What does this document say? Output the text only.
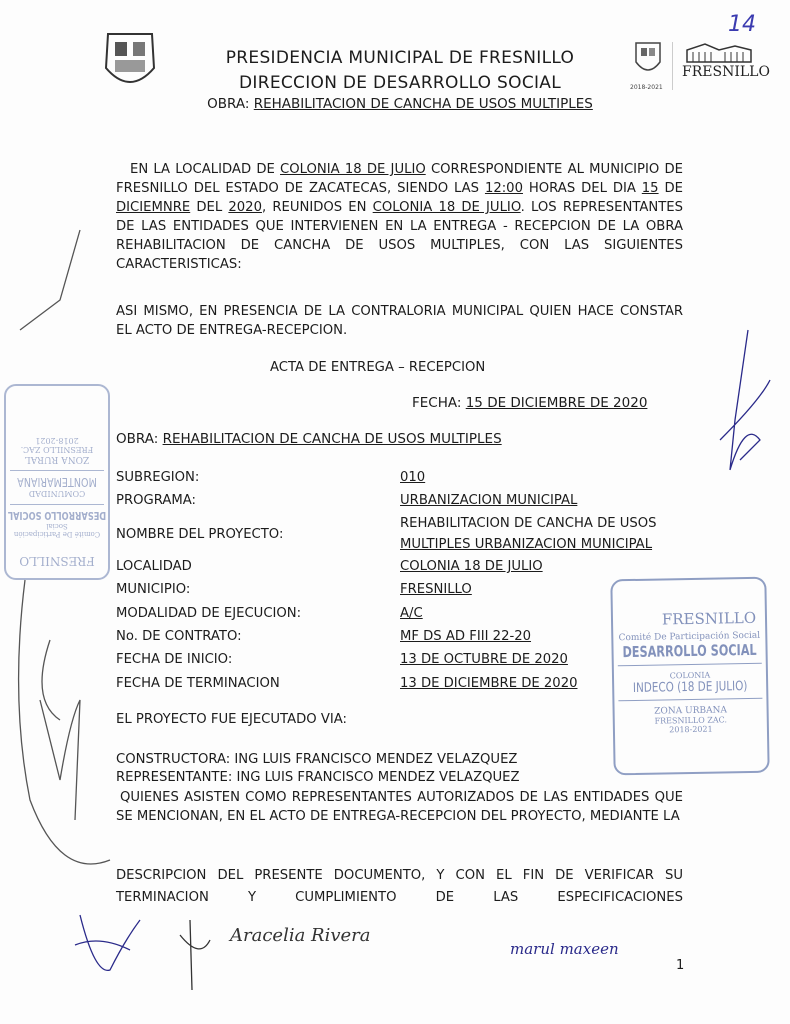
14
2018-2021
FRESNILLO
PRESIDENCIA MUNICIPAL DE FRESNILLO
DIRECCION DE DESARROLLO SOCIAL
OBRA: REHABILITACION DE CANCHA DE USOS MULTIPLES
EN LA LOCALIDAD DE COLONIA 18 DE JULIO CORRESPONDIENTE AL MUNICIPIO DE FRESNILLO DEL ESTADO DE ZACATECAS, SIENDO LAS 12:00 HORAS DEL DIA 15 DE DICIEMNRE DEL 2020, REUNIDOS EN COLONIA 18 DE JULIO. LOS REPRESENTANTES DE LAS ENTIDADES QUE INTERVIENEN EN LA ENTREGA - RECEPCION DE LA OBRA REHABILITACION DE CANCHA DE USOS MULTIPLES, CON LAS SIGUIENTES CARACTERISTICAS:
ASI MISMO, EN PRESENCIA DE LA CONTRALORIA MUNICIPAL QUIEN HACE CONSTAR EL ACTO DE ENTREGA-RECEPCION.
ACTA DE ENTREGA – RECEPCION
FECHA: 15 DE DICIEMBRE DE 2020
OBRA: REHABILITACION DE CANCHA DE USOS MULTIPLES
SUBREGION:	010
PROGRAMA:	URBANIZACION MUNICIPAL
NOMBRE DEL PROYECTO:
REHABILITACION DE CANCHA DE USOS
MULTIPLES URBANIZACION MUNICIPAL
LOCALIDAD	COLONIA 18 DE JULIO
MUNICIPIO:	FRESNILLO
MODALIDAD DE EJECUCION:	A/C
No. DE CONTRATO:	MF DS AD FIII 22-20
FECHA DE INICIO:	13 DE OCTUBRE DE 2020
FECHA DE TERMINACION	13 DE DICIEMBRE DE 2020
EL PROYECTO FUE EJECUTADO VIA:
CONSTRUCTORA: ING LUIS FRANCISCO MENDEZ VELAZQUEZ
REPRESENTANTE: ING LUIS FRANCISCO MENDEZ VELAZQUEZ
QUIENES ASISTEN COMO REPRESENTANTES AUTORIZADOS DE LAS ENTIDADES QUE SE MENCIONAN, EN EL ACTO DE ENTREGA-RECEPCION DEL PROYECTO, MEDIANTE LA
DESCRIPCION DEL PRESENTE DOCUMENTO, Y CON EL FIN DE VERIFICAR SU TERMINACION Y CUMPLIMIENTO DE LAS ESPECIFICACIONES
1
FRESNILLO
Comité De Participación Social
DESARROLLO SOCIAL
COLONIA
INDECO (18 DE JULIO)
ZONA URBANA
FRESNILLO ZAC.
2018-2021
FRESNILLO
Comité De Participación Social
DESARROLLO SOCIAL
COMUNIDAD
MONTEMARIANA
ZONA RURAL
FRESNILLO ZAC.
2018-2021
Aracelia Rivera
marul maxeen
